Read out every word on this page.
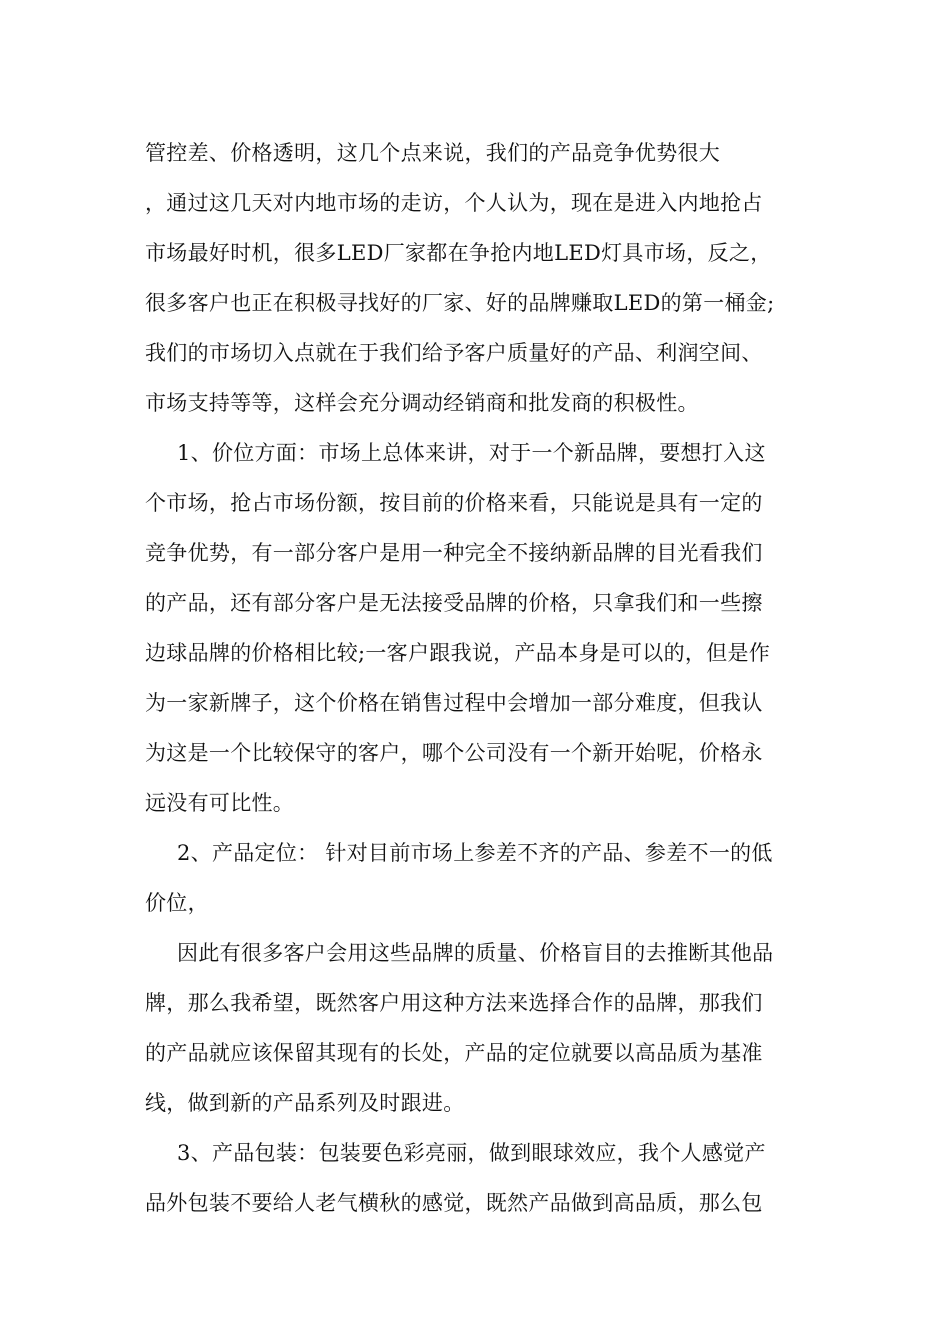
管控差、价格透明，这几个点来说，我们的产品竞争优势很大
，通过这几天对内地市场的走访，个人认为，现在是进入内地抢占
市场最好时机，很多LED厂家都在争抢内地LED灯具市场，反之，
很多客户也正在积极寻找好的厂家、好的品牌赚取LED的第一桶金;
我们的市场切入点就在于我们给予客户质量好的产品、利润空间、
市场支持等等，这样会充分调动经销商和批发商的积极性。
1、价位方面：市场上总体来讲，对于一个新品牌，要想打入这
个市场，抢占市场份额，按目前的价格来看，只能说是具有一定的
竞争优势，有一部分客户是用一种完全不接纳新品牌的目光看我们
的产品，还有部分客户是无法接受品牌的价格，只拿我们和一些擦
边球品牌的价格相比较;一客户跟我说，产品本身是可以的，但是作
为一家新牌子，这个价格在销售过程中会增加一部分难度，但我认
为这是一个比较保守的客户，哪个公司没有一个新开始呢，价格永
远没有可比性。
2、产品定位： 针对目前市场上参差不齐的产品、参差不一的低
价位，
因此有很多客户会用这些品牌的质量、价格盲目的去推断其他品
牌，那么我希望，既然客户用这种方法来选择合作的品牌，那我们
的产品就应该保留其现有的长处，产品的定位就要以高品质为基准
线，做到新的产品系列及时跟进。
3、产品包装：包装要色彩亮丽，做到眼球效应，我个人感觉产
品外包装不要给人老气横秋的感觉，既然产品做到高品质，那么包
